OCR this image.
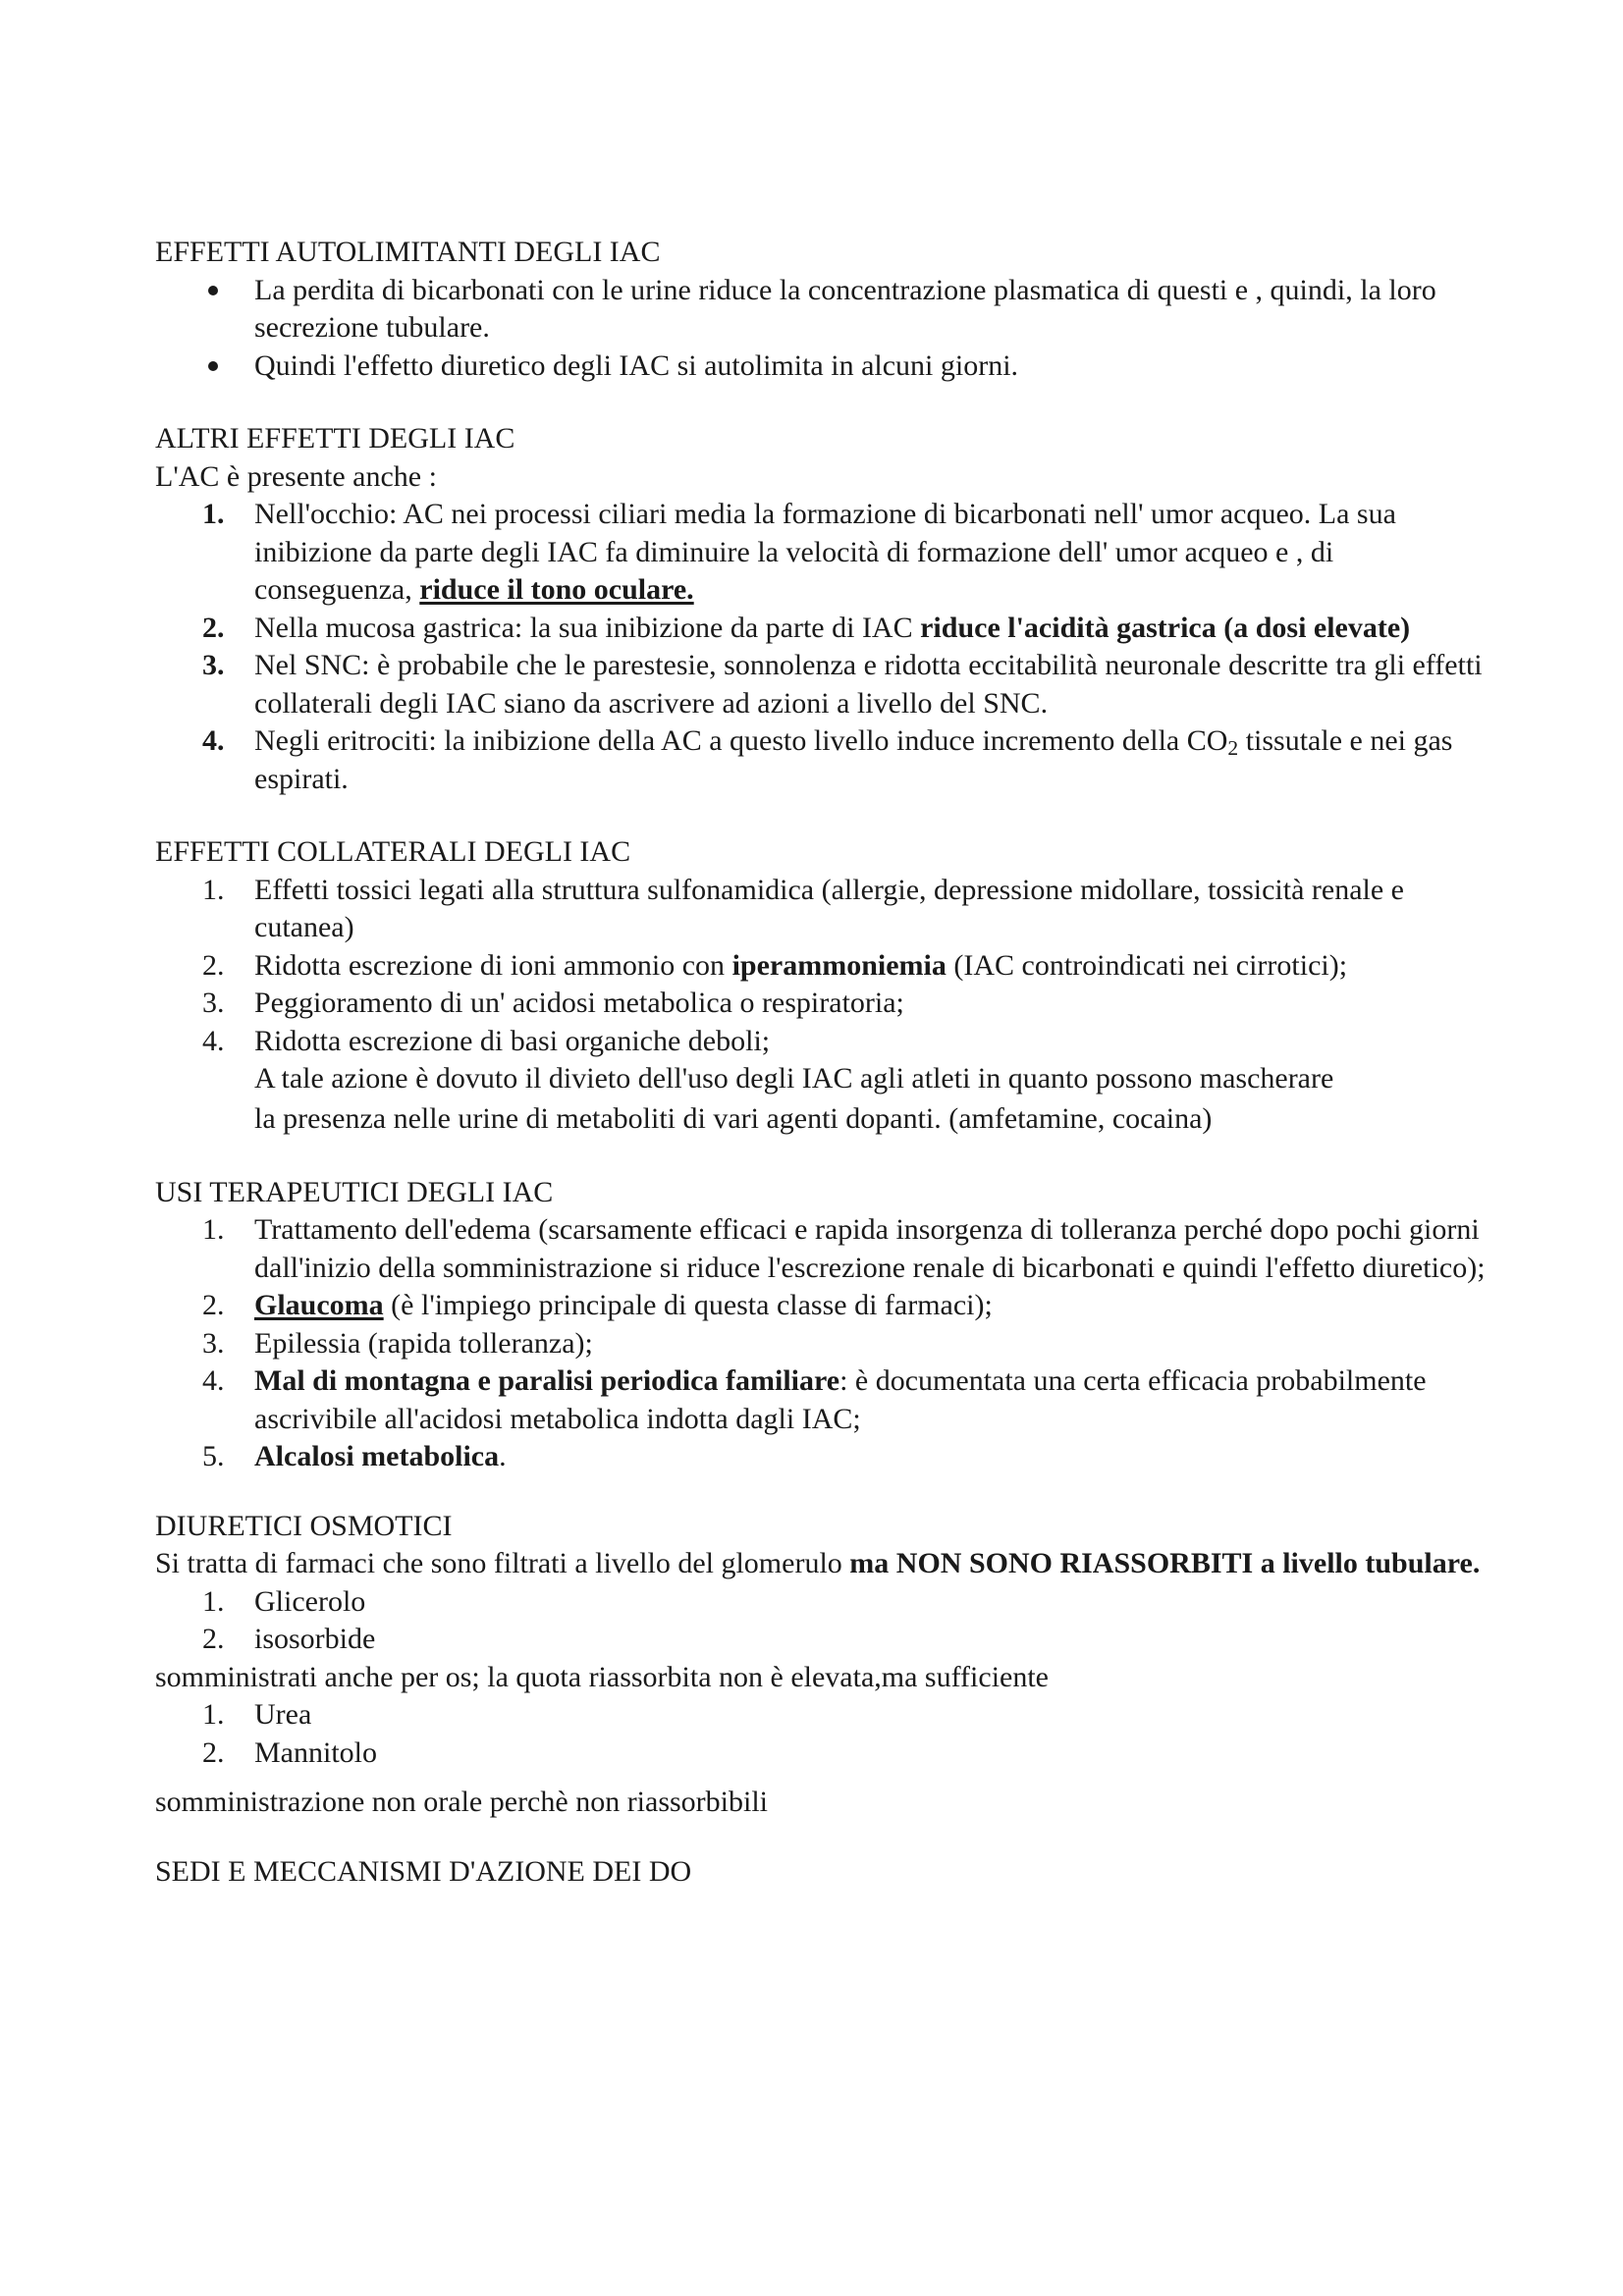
EFFETTI AUTOLIMITANTI DEGLI IAC

La perdita di bicarbonati con le urine riduce la concentrazione plasmatica di questi e , quindi, la loro secrezione tubulare.
Quindi l'effetto diuretico degli IAC si autolimita in alcuni giorni.

ALTRI EFFETTI DEGLI IAC

L'AC è presente anche :

1. Nell'occhio: AC nei processi ciliari media la formazione di bicarbonati nell' umor acqueo. La sua inibizione da parte degli IAC fa diminuire la velocità di formazione dell' umor acqueo e , di conseguenza, riduce il tono oculare.
2. Nella mucosa gastrica: la sua inibizione da parte di IAC riduce l'acidità gastrica (a dosi elevate)
3. Nel SNC: è probabile che le parestesie, sonnolenza e ridotta eccitabilità neuronale descritte tra gli effetti collaterali degli IAC siano da ascrivere ad azioni a livello del SNC.
4. Negli eritrociti: la inibizione della AC a questo livello induce incremento della $CO_2$ tissutale e nei gas espirati.

EFFETTI COLLATERALI DEGLI IAC

1. Effetti tossici legati alla struttura sulfonamidica (allergie, depressione midollare, tossicità renale e cutanea)
2. Ridotta escrezione di ioni ammonio con iperammoniemia (IAC controindicati nei cirrotici);
3. Peggioramento di un' acidosi metabolica o respiratoria;
4. Ridotta escrezione di basi organiche deboli;
A tale azione è dovuto il divieto dell'uso degli IAC agli atleti in quanto possono mascherare
la presenza nelle urine di metaboliti di vari agenti dopanti. (amfetamine, cocaina)

USI TERAPEUTICI DEGLI IAC

1. Trattamento dell'edema (scarsamente efficaci e rapida insorgenza di tolleranza perché dopo pochi giorni dall'inizio della somministrazione si riduce l'escrezione renale di bicarbonati e quindi l'effetto diuretico);
2. Glaucoma (è l'impiego principale di questa classe di farmaci);
3. Epilessia (rapida tolleranza);
4. Mal di montagna e paralisi periodica familiare: è documentata una certa efficacia probabilmente ascrivibile all'acidosi metabolica indotta dagli IAC;
5. Alcalosi metabolica.

DIURETICI OSMOTICI

Si tratta di farmaci che sono filtrati a livello del glomerulo ma NON SONO RIASSORBITI a livello tubulare.

1. Glicerolo
2. isosorbide

somministrati anche per os; la quota riassorbita non è elevata,ma sufficiente

1. Urea
2. Mannitolo

somministrazione non orale perchè non riassorbibili

SEDI E MECCANISMI D'AZIONE DEI DO
